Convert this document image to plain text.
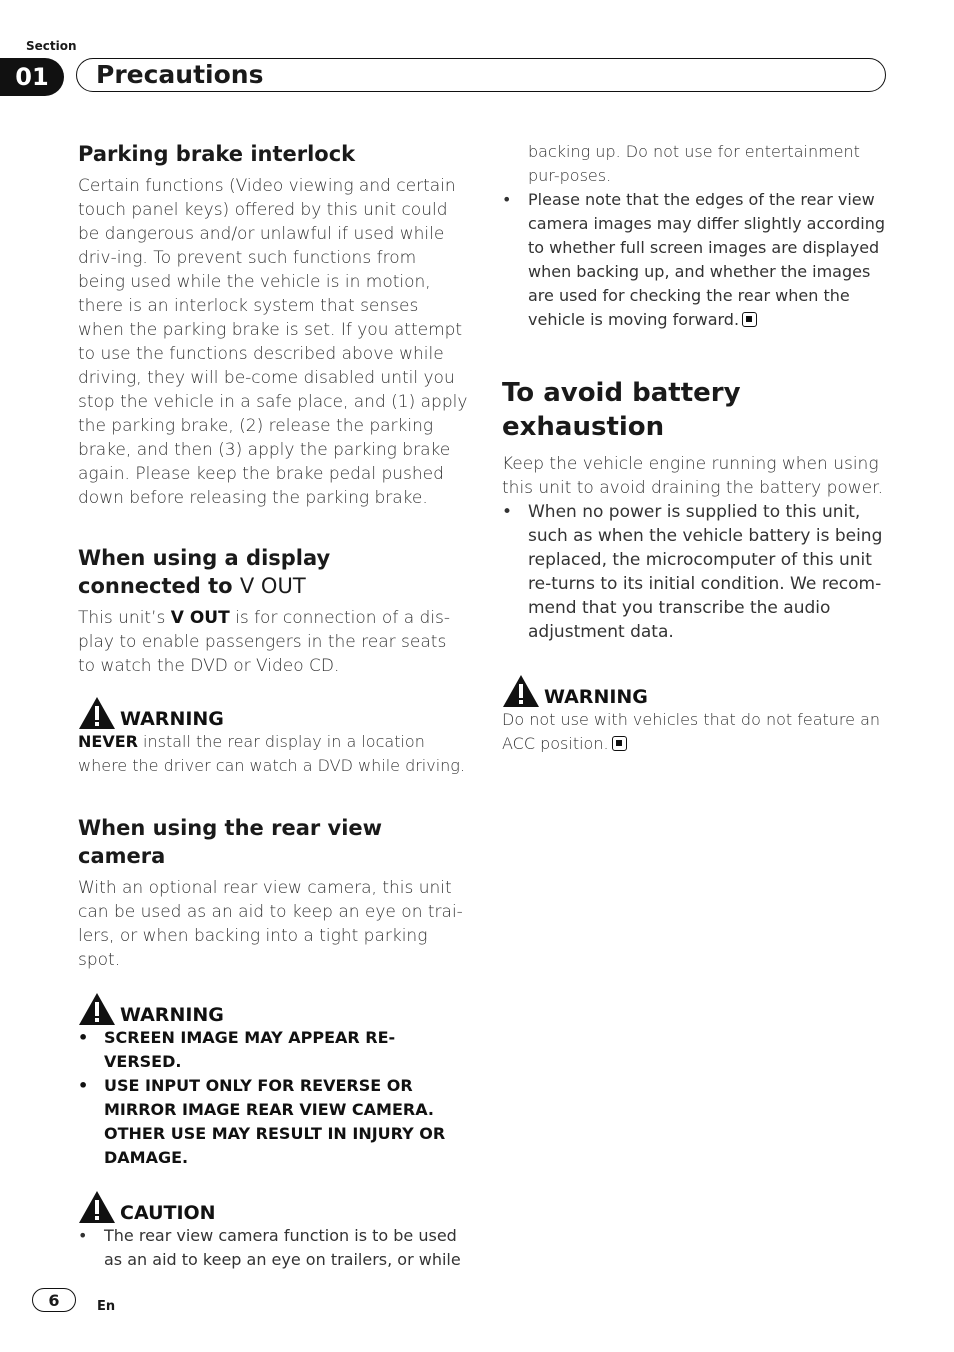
Section
01	Precautions
Parking brake interlock

Certain functions (Video viewing and certain touch panel keys) offered by this unit could be dangerous and/or unlawful if used while driv-ing. To prevent such functions from being used while the vehicle is in motion, there is an interlock system that senses when the parking brake is set. If you attempt to use the functions described above while driving, they will be-come disabled until you stop the vehicle in a safe place, and (1) apply the parking brake, (2) release the parking brake, and then (3) apply the parking brake again. Please keep the brake pedal pushed down before releasing the parking brake.

When using a display
connected to V OUT

This unit’s V OUT is for connection of a dis-play to enable passengers in the rear seats to watch the DVD or Video CD.

WARNING

NEVER install the rear display in a location where the driver can watch a DVD while driving.

When using the rear view camera

With an optional rear view camera, this unit can be used as an aid to keep an eye on trai-lers, or when backing into a tight parking spot.

WARNING
• SCREEN IMAGE MAY APPEAR RE-VERSED.
• USE INPUT ONLY FOR REVERSE OR MIRROR IMAGE REAR VIEW CAMERA. OTHER USE MAY RESULT IN INJURY OR DAMAGE.
CAUTION
• The rear view camera function is to be used as an aid to keep an eye on trailers, or while

backing up. Do not use for entertainment pur-poses.

• Please note that the edges of the rear view camera images may differ slightly according to whether full screen images are displayed when backing up, and whether the images are used for checking the rear when the vehicle is moving forward.
To avoid battery exhaustion

Keep the vehicle engine running when using this unit to avoid draining the battery power.

• When no power is supplied to this unit, such as when the vehicle battery is being replaced, the microcomputer of this unit re-turns to its initial condition. We recom-mend that you transcribe the audio adjustment data.
WARNING

Do not use with vehicles that do not feature an ACC position.

6	En
